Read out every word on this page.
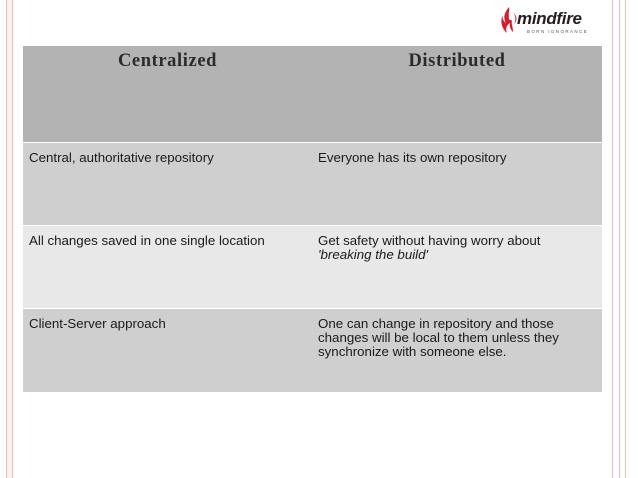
mindfire
BORN IGNORANCE
Centralized	Distributed
Central, authoritative repository	Everyone has its own repository
All changes saved in one single location	Get safety without having worry about
'breaking the build'

Client-Server approach	One can change in repository and those changes will be local to them unless they synchronize with someone else.
